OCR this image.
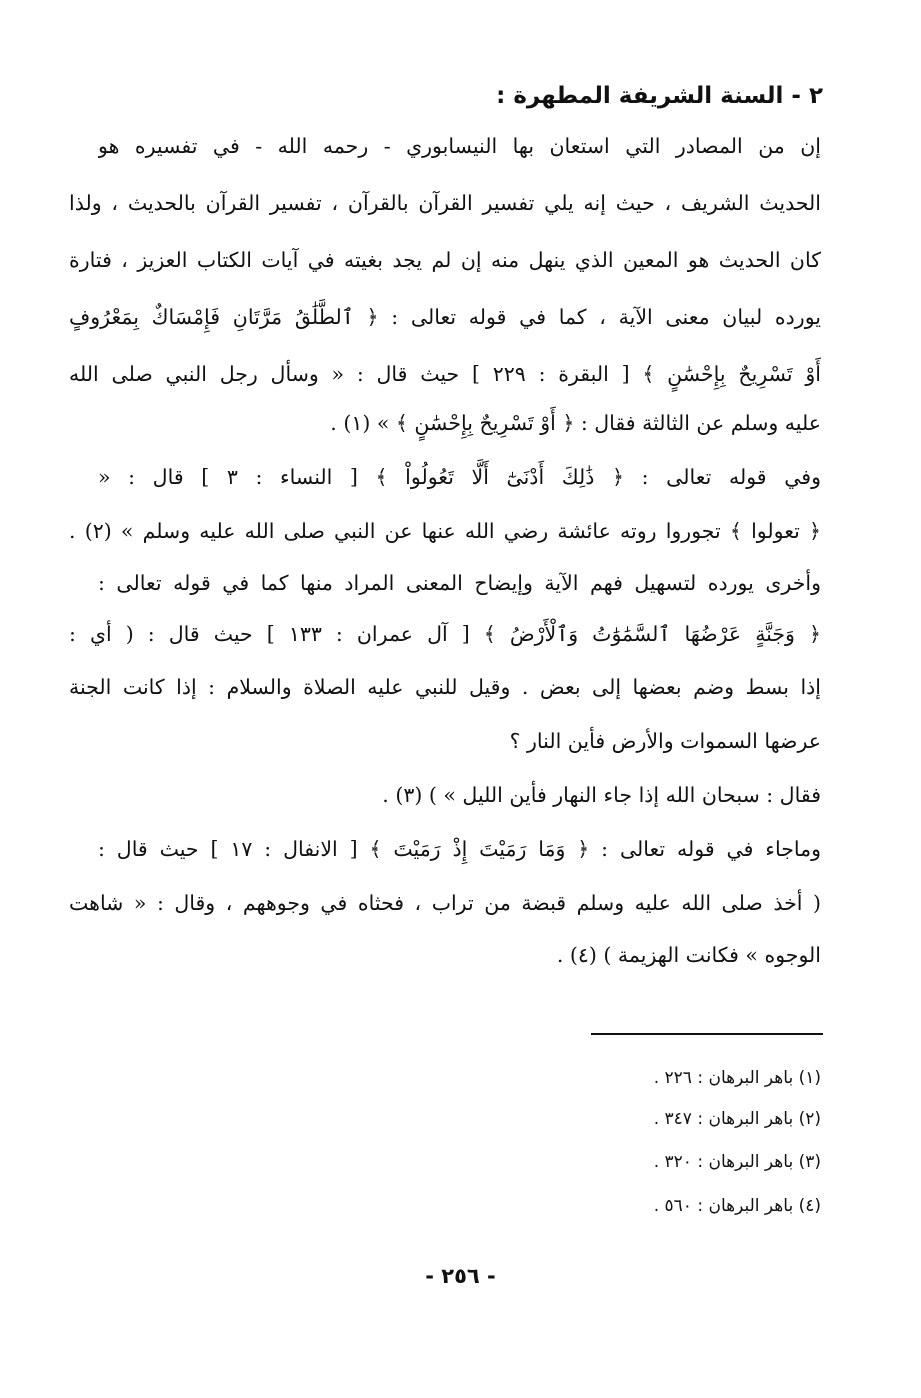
٢ - السنة الشريفة المطهرة :
إن من المصادر التي استعان بها النيسابوري - رحمه الله - في تفسيره هو
الحديث الشريف ، حيث إنه يلي تفسير القرآن بالقرآن ، تفسير القرآن بالحديث ، ولذا
كان الحديث هو المعين الذي ينهل منه إن لم يجد بغيته في آيات الكتاب العزيز ، فتارة
يورده لبيان معنى الآية ، كما في قوله تعالى : ﴿ ٱلطَّلَٰقُ مَرَّتَانِ فَإِمْسَاكٌ بِمَعْرُوفٍ
أَوْ تَسْرِيحٌ بِإِحْسَٰنٍ ﴾ [ البقرة : ٢٢٩ ] حيث قال : « وسأل رجل النبي صلى الله
عليه وسلم عن الثالثة فقال : ﴿ أَوْ تَسْرِيحٌ بِإِحْسَٰنٍ ﴾ » (١) .
وفي قوله تعالى : ﴿ ذَٰلِكَ أَدْنَىٰٓ أَلَّا تَعُولُواْ ﴾ [ النساء : ٣ ] قال : «
﴿ تعولوا ﴾ تجوروا روته عائشة رضي الله عنها عن النبي صلى الله عليه وسلم » (٢) .
وأخرى يورده لتسهيل فهم الآية وإيضاح المعنى المراد منها كما في قوله تعالى :
﴿ وَجَنَّةٍ عَرْضُهَا ٱلسَّمَٰوَٰتُ وَٱلْأَرْضُ ﴾ [ آل عمران : ١٣٣ ] حيث قال : ( أي :
إذا بسط وضم بعضها إلى بعض . وقيل للنبي عليه الصلاة والسلام : إذا كانت الجنة
عرضها السموات والأرض فأين النار ؟
فقال : سبحان الله إذا جاء النهار فأين الليل » ) (٣) .
وماجاء في قوله تعالى : ﴿ وَمَا رَمَيْتَ إِذْ رَمَيْتَ ﴾ [ الانفال : ١٧ ] حيث قال :
( أخذ صلى الله عليه وسلم قبضة من تراب ، فحثاه في وجوههم ، وقال : « شاهت
الوجوه » فكانت الهزيمة ) (٤) .
(١) باهر البرهان : ٢٢٦ .
(٢) باهر البرهان : ٣٤٧ .
(٣) باهر البرهان : ٣٢٠ .
(٤) باهر البرهان : ٥٦٠ .
- ٢٥٦ -
